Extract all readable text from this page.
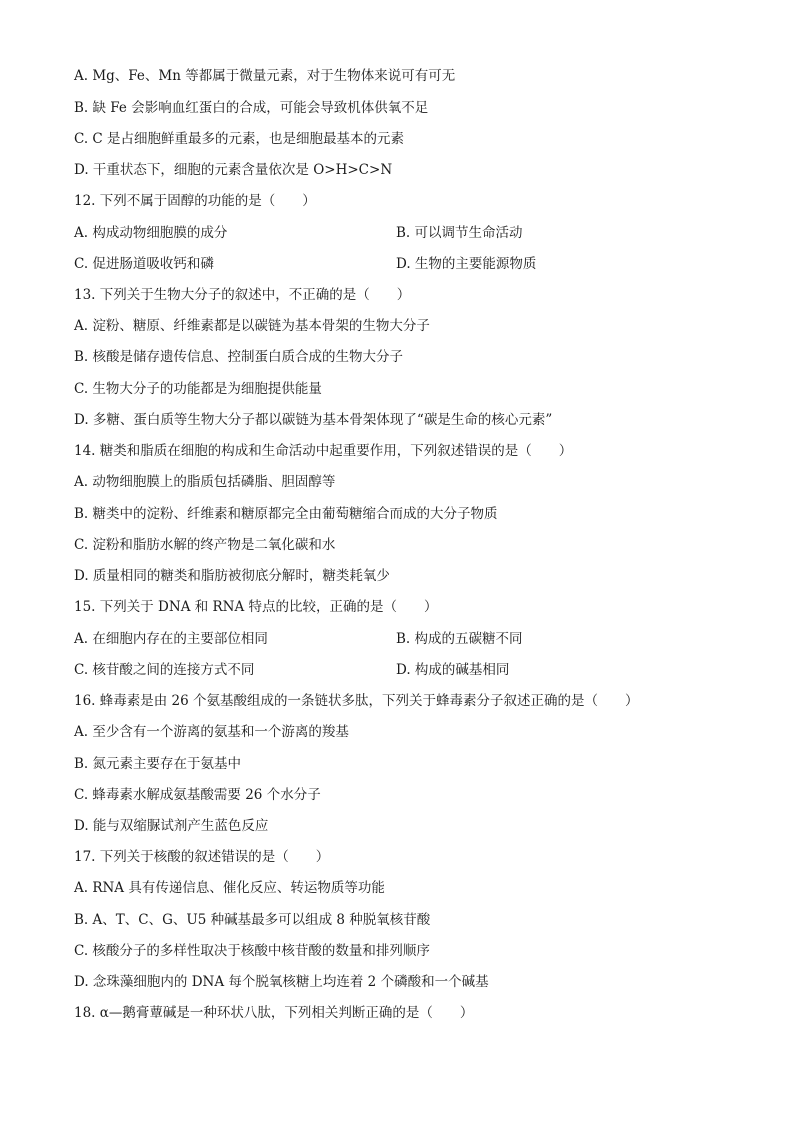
A. Mg、Fe、Mn 等都属于微量元素，对于生物体来说可有可无
B. 缺 Fe 会影响血红蛋白的合成，可能会导致机体供氧不足
C. C 是占细胞鲜重最多的元素，也是细胞最基本的元素
D. 干重状态下，细胞的元素含量依次是 O>H>C>N
12. 下列不属于固醇的功能的是（　　）
A. 构成动物细胞膜的成分	B. 可以调节生命活动
C. 促进肠道吸收钙和磷	D. 生物的主要能源物质
13. 下列关于生物大分子的叙述中，不正确的是（　　）
A. 淀粉、糖原、纤维素都是以碳链为基本骨架的生物大分子
B. 核酸是储存遗传信息、控制蛋白质合成的生物大分子
C. 生物大分子的功能都是为细胞提供能量
D. 多糖、蛋白质等生物大分子都以碳链为基本骨架体现了“碳是生命的核心元素”
14. 糖类和脂质在细胞的构成和生命活动中起重要作用，下列叙述错误的是（　　）
A. 动物细胞膜上的脂质包括磷脂、胆固醇等
B. 糖类中的淀粉、纤维素和糖原都完全由葡萄糖缩合而成的大分子物质
C. 淀粉和脂肪水解的终产物是二氧化碳和水
D. 质量相同的糖类和脂肪被彻底分解时，糖类耗氧少
15. 下列关于 DNA 和 RNA 特点的比较，正确的是（　　）
A. 在细胞内存在的主要部位相同	B. 构成的五碳糖不同
C. 核苷酸之间的连接方式不同	D. 构成的碱基相同
16. 蜂毒素是由 26 个氨基酸组成的一条链状多肽，下列关于蜂毒素分子叙述正确的是（　　）
A. 至少含有一个游离的氨基和一个游离的羧基
B. 氮元素主要存在于氨基中
C. 蜂毒素水解成氨基酸需要 26 个水分子
D. 能与双缩脲试剂产生蓝色反应
17. 下列关于核酸的叙述错误的是（　　）
A. RNA 具有传递信息、催化反应、转运物质等功能
B. A、T、C、G、U5 种碱基最多可以组成 8 种脱氧核苷酸
C. 核酸分子的多样性取决于核酸中核苷酸的数量和排列顺序
D. 念珠藻细胞内的 DNA 每个脱氧核糖上均连着 2 个磷酸和一个碱基
18. α—鹅膏蕈碱是一种环状八肽，下列相关判断正确的是（　　）
